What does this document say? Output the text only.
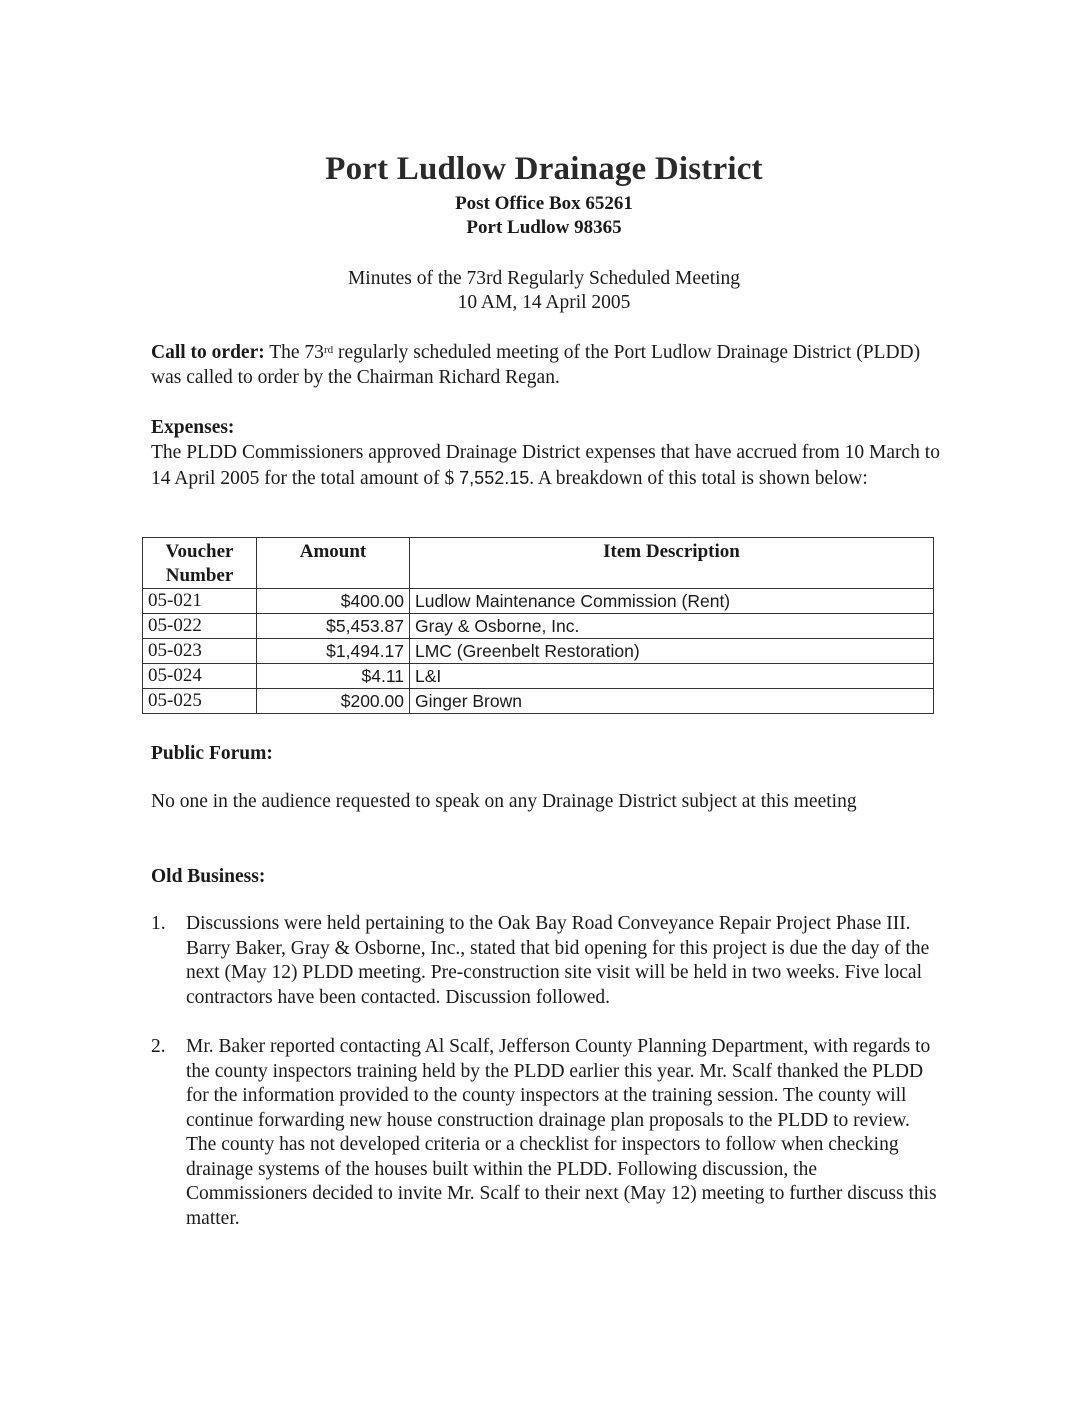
Port Ludlow Drainage District
Post Office Box 65261
Port Ludlow 98365
Minutes of the 73rd Regularly Scheduled Meeting
10 AM, 14 April 2005
Call to order: The 73rd regularly scheduled meeting of the Port Ludlow Drainage District (PLDD) was called to order by the Chairman Richard Regan.
Expenses:
The PLDD Commissioners approved Drainage District expenses that have accrued from 10 March to 14 April 2005 for the total amount of $ 7,552.15. A breakdown of this total is shown below:
Voucher Number	Amount	Item Description
05-021	$400.00	Ludlow Maintenance Commission (Rent)
05-022	$5,453.87	Gray & Osborne, Inc.
05-023	$1,494.17	LMC (Greenbelt Restoration)
05-024	$4.11	L&I
05-025	$200.00	Ginger Brown
Public Forum:
No one in the audience requested to speak on any Drainage District subject at this meeting
Old Business:
1. Discussions were held pertaining to the Oak Bay Road Conveyance Repair Project Phase III. Barry Baker, Gray & Osborne, Inc., stated that bid opening for this project is due the day of the next (May 12) PLDD meeting. Pre-construction site visit will be held in two weeks. Five local contractors have been contacted. Discussion followed.
2. Mr. Baker reported contacting Al Scalf, Jefferson County Planning Department, with regards to the county inspectors training held by the PLDD earlier this year. Mr. Scalf thanked the PLDD for the information provided to the county inspectors at the training session. The county will continue forwarding new house construction drainage plan proposals to the PLDD to review. The county has not developed criteria or a checklist for inspectors to follow when checking drainage systems of the houses built within the PLDD. Following discussion, the Commissioners decided to invite Mr. Scalf to their next (May 12) meeting to further discuss this matter.
